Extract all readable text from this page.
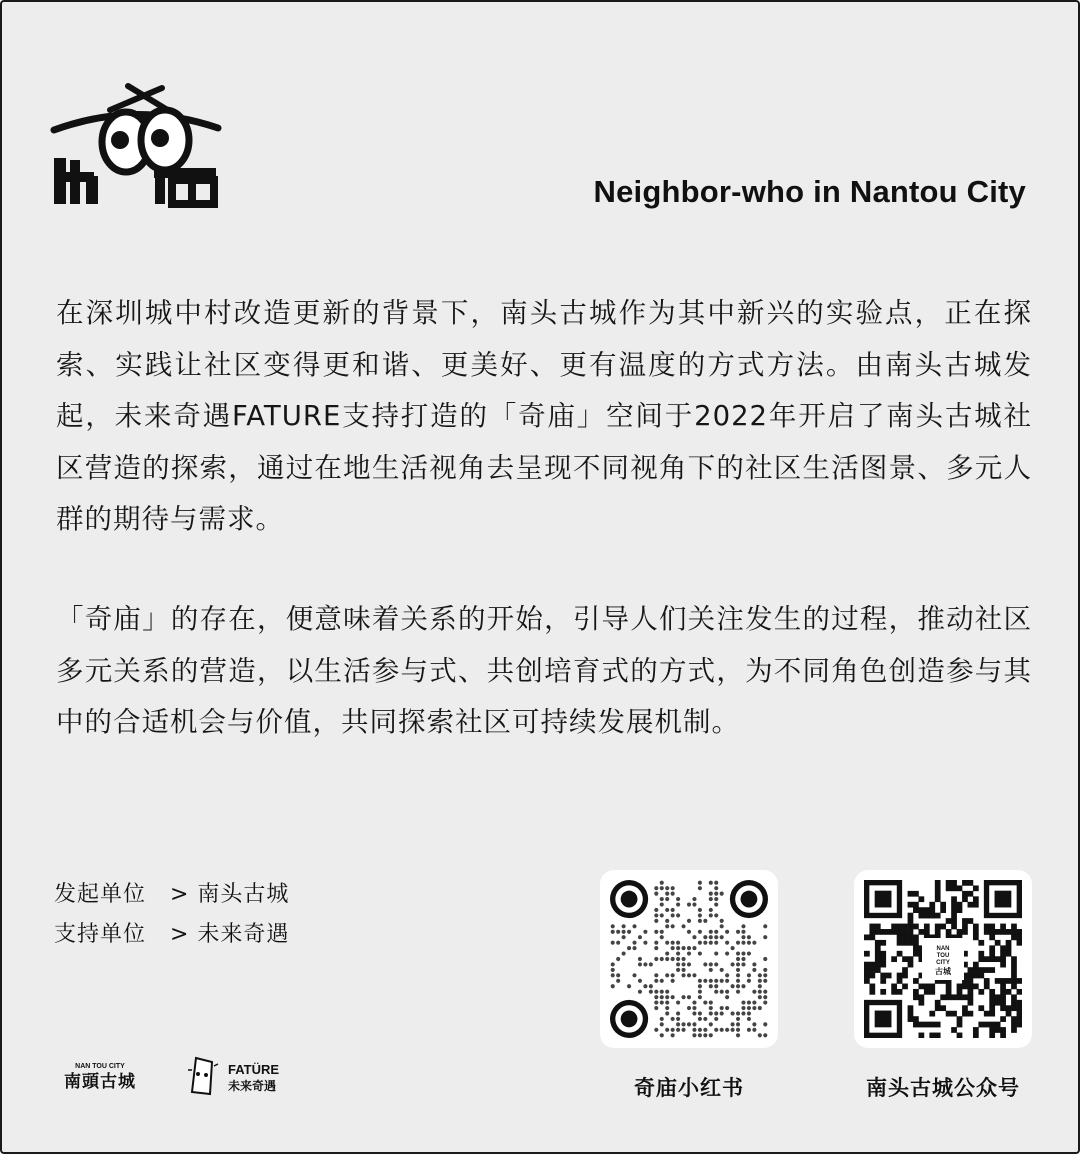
Neighbor-who in Nantou City

在深圳城中村改造更新的背景下，南头古城作为其中新兴的实验点，正在探索、实践让社区变得更和谐、更美好、更有温度的方式方法。由南头古城发起，未来奇遇FATURE支持打造的「奇庙」空间于2022年开启了南头古城社区营造的探索，通过在地生活视角去呈现不同视角下的社区生活图景、多元人群的期待与需求。

「奇庙」的存在，便意味着关系的开始，引导人们关注发生的过程，推动社区多元关系的营造，以生活参与式、共创培育式的方式，为不同角色创造参与其中的合适机会与价值，共同探索社区可持续发展机制。

发起单位	> 南头古城
支持单位	> 未来奇遇
NAN TOU CITY
南頭古城
FATÜRE
未来奇遇	奇庙小红书
NAN
TOU
CITY
古城
南头古城公众号
